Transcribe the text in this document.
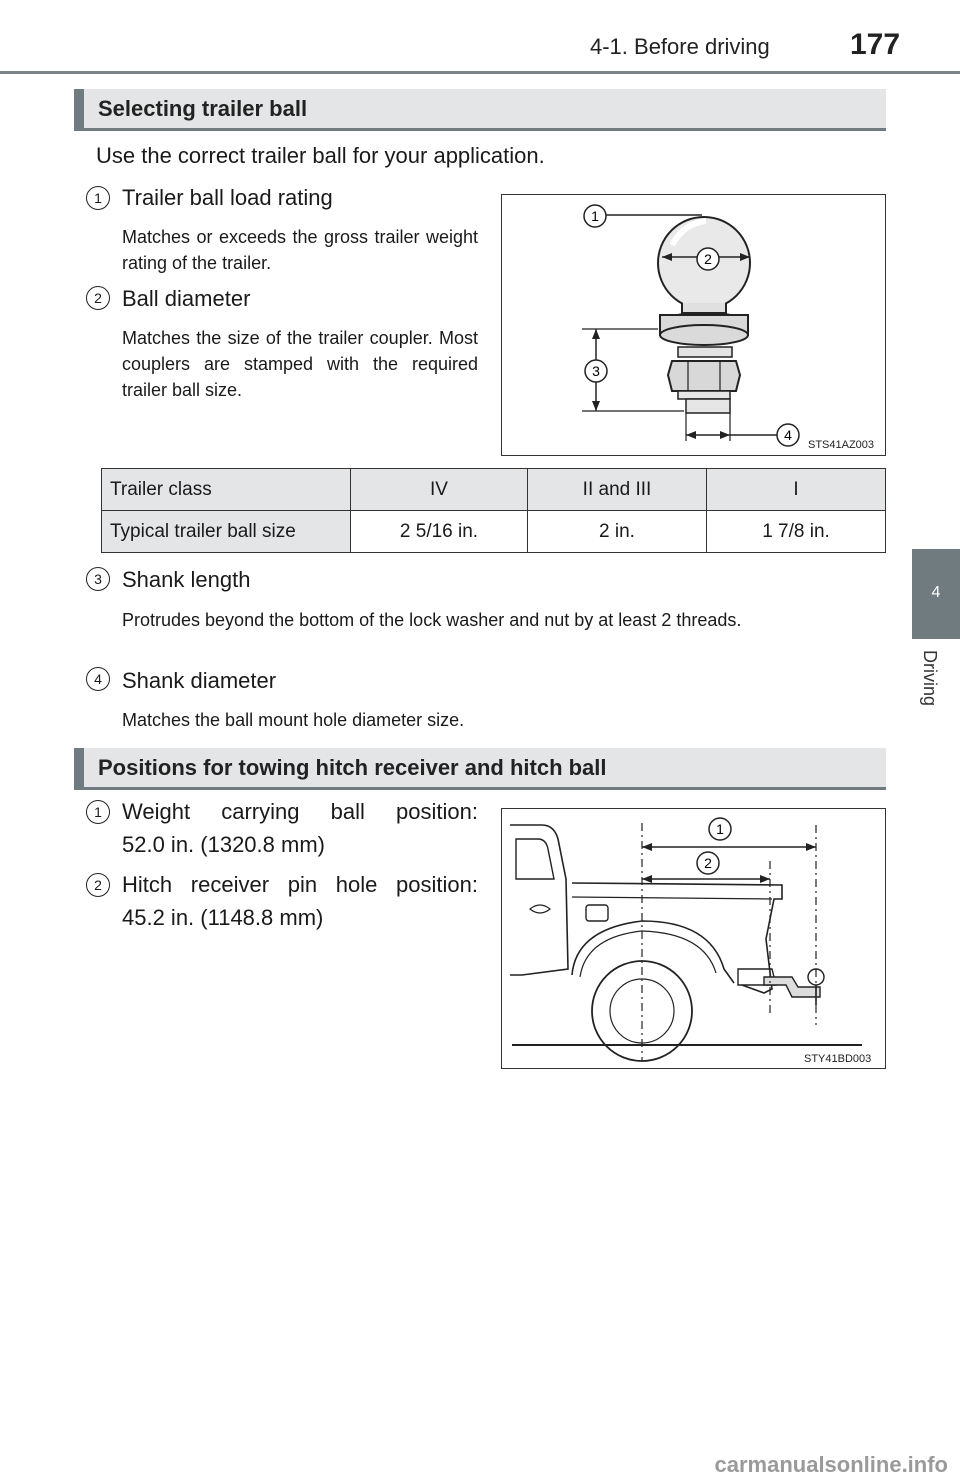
4-1. Before driving	177
4
Driving
Selecting trailer ball
Use the correct trailer ball for your application.
1 Trailer ball load rating
Matches or exceeds the gross trailer weight rating of the trailer.
2 Ball diameter
Matches the size of the trailer coupler. Most couplers are stamped with the required trailer ball size.
1
2
3
4
STS41AZ003
Trailer class	IV	II and III	I
Typical trailer ball size	2 5/16 in.	2 in.	1 7/8 in.
3 Shank length
Protrudes beyond the bottom of the lock washer and nut by at least 2 threads.
4 Shank diameter
Matches the ball mount hole diameter size.
Positions for towing hitch receiver and hitch ball
1 Weight carrying ball position:
52.0 in. (1320.8 mm)
2 Hitch receiver pin hole position:
45.2 in. (1148.8 mm)
1
2
STY41BD003
carmanualsonline.info
